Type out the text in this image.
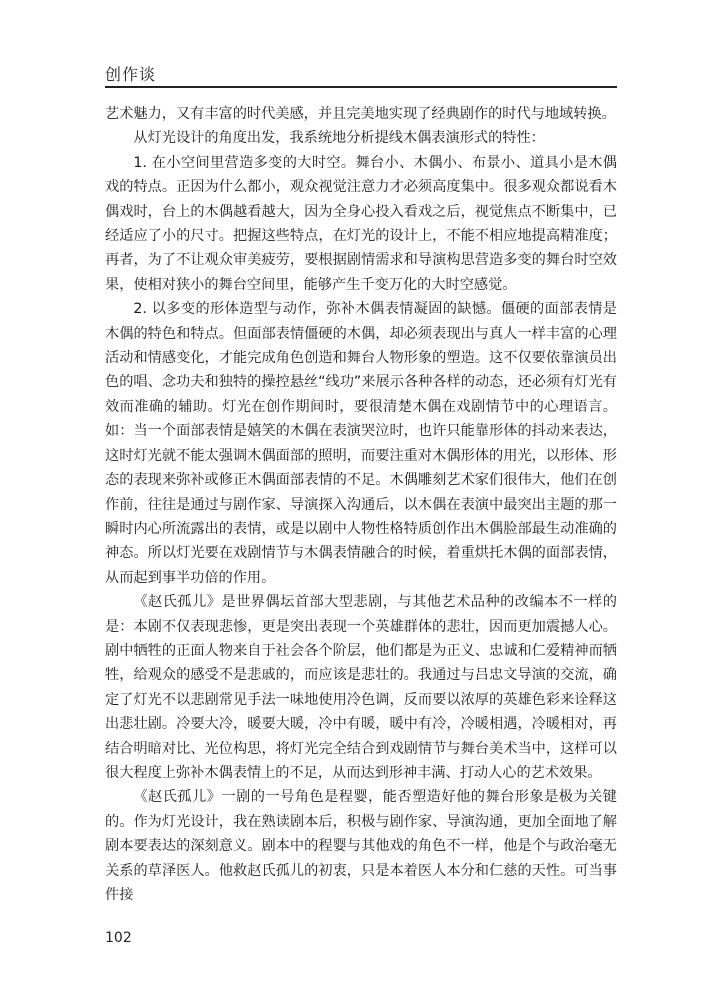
创作谈

艺术魅力，又有丰富的时代美感，并且完美地实现了经典剧作的时代与地域转换。

从灯光设计的角度出发，我系统地分析提线木偶表演形式的特性：

1. 在小空间里营造多变的大时空。舞台小、木偶小、布景小、道具小是木偶戏的特点。正因为什么都小，观众视觉注意力才必须高度集中。很多观众都说看木偶戏时，台上的木偶越看越大，因为全身心投入看戏之后，视觉焦点不断集中，已经适应了小的尺寸。把握这些特点，在灯光的设计上，不能不相应地提高精准度；再者，为了不让观众审美疲劳，要根据剧情需求和导演构思营造多变的舞台时空效果，使相对狭小的舞台空间里，能够产生千变万化的大时空感觉。

2. 以多变的形体造型与动作，弥补木偶表情凝固的缺憾。僵硬的面部表情是木偶的特色和特点。但面部表情僵硬的木偶，却必须表现出与真人一样丰富的心理活动和情感变化，才能完成角色创造和舞台人物形象的塑造。这不仅要依靠演员出色的唱、念功夫和独特的操控悬丝“线功”来展示各种各样的动态，还必须有灯光有效而准确的辅助。灯光在创作期间时，要很清楚木偶在戏剧情节中的心理语言。如：当一个面部表情是嬉笑的木偶在表演哭泣时，也许只能靠形体的抖动来表达，这时灯光就不能太强调木偶面部的照明，而要注重对木偶形体的用光，以形体、形态的表现来弥补或修正木偶面部表情的不足。木偶雕刻艺术家们很伟大，他们在创作前，往往是通过与剧作家、导演探入沟通后，以木偶在表演中最突出主题的那一瞬时内心所流露出的表情，或是以剧中人物性格特质创作出木偶脸部最生动准确的神态。所以灯光要在戏剧情节与木偶表情融合的时候，着重烘托木偶的面部表情，从而起到事半功倍的作用。

《赵氏孤儿》是世界偶坛首部大型悲剧，与其他艺术品种的改编本不一样的是：本剧不仅表现悲惨，更是突出表现一个英雄群体的悲壮，因而更加震撼人心。剧中牺牲的正面人物来自于社会各个阶层，他们都是为正义、忠诚和仁爱精神而牺牲，给观众的感受不是悲戚的，而应该是悲壮的。我通过与吕忠文导演的交流，确定了灯光不以悲剧常见手法一味地使用冷色调，反而要以浓厚的英雄色彩来诠释这出悲壮剧。冷要大冷，暖要大暖，冷中有暖，暖中有冷，冷暖相遇，冷暖相对，再结合明暗对比、光位构思，将灯光完全结合到戏剧情节与舞台美术当中，这样可以很大程度上弥补木偶表情上的不足，从而达到形神丰满、打动人心的艺术效果。

《赵氏孤儿》一剧的一号角色是程婴，能否塑造好他的舞台形象是极为关键的。作为灯光设计，我在熟读剧本后，积极与剧作家、导演沟通，更加全面地了解剧本要表达的深刻意义。剧本中的程婴与其他戏的角色不一样，他是个与政治毫无关系的草泽医人。他救赵氏孤儿的初衷，只是本着医人本分和仁慈的天性。可当事件接

102
